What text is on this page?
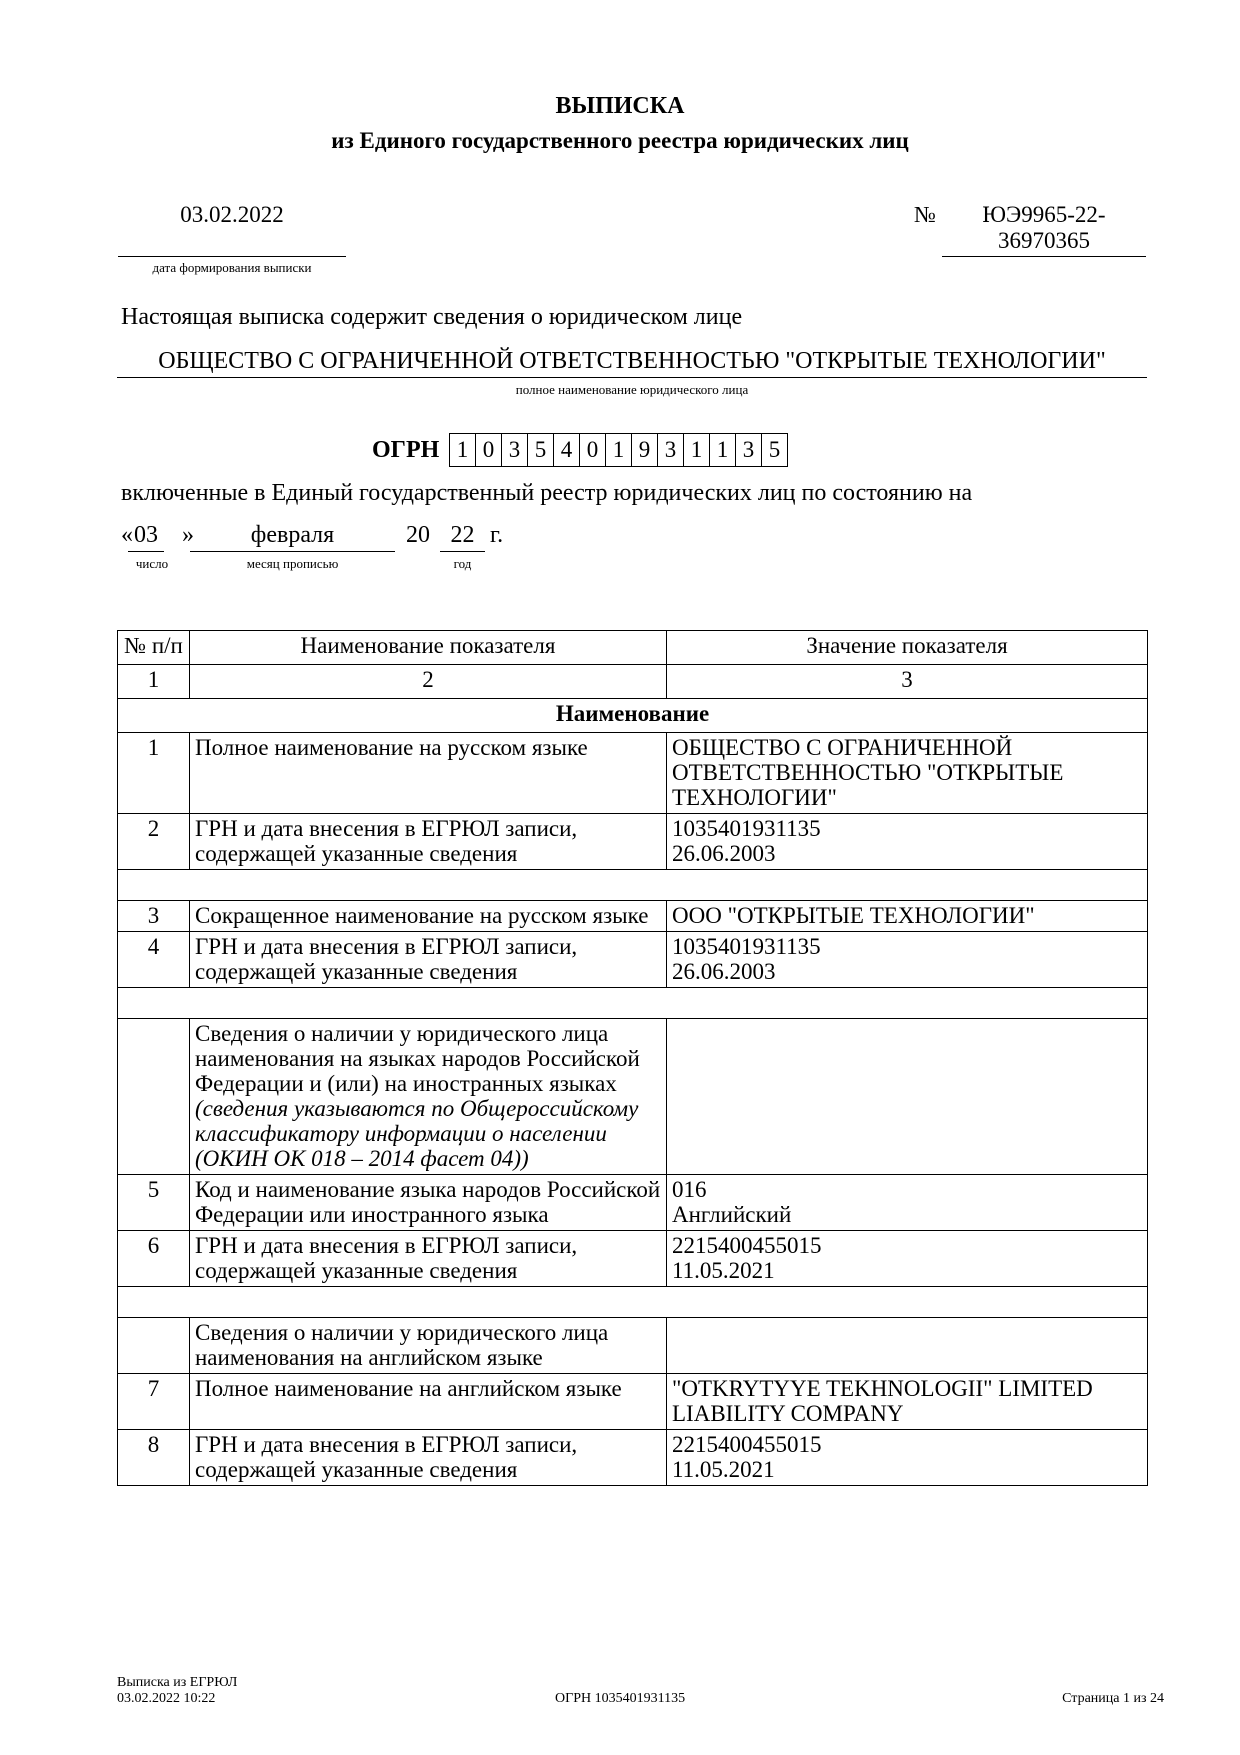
ВЫПИСКА
из Единого государственного реестра юридических лиц
03.02.2022
дата формирования выписки
№	ЮЭ9965-22-
36970365
Настоящая выписка содержит сведения о юридическом лице
ОБЩЕСТВО С ОГРАНИЧЕННОЙ ОТВЕТСТВЕННОСТЬЮ "ОТКРЫТЫЕ ТЕХНОЛОГИИ"
полное наименование юридического лица
ОГРН 1 0 3 5 4 0 1 9 3 1 1 3 5
включенные в Единый государственный реестр юридических лиц по состоянию на
« 03 »	февраля	20 22 г.
число	месяц прописью	год
№ п/п	Наименование показателя	Значение показателя
1	2	3
Наименование		
1	Полное наименование на русском языке	ОБЩЕСТВО С ОГРАНИЧЕННОЙ ОТВЕТСТВЕННОСТЬЮ "ОТКРЫТЫЕ ТЕХНОЛОГИИ"
2	ГРН и дата внесения в ЕГРЮЛ записи, содержащей указанные сведения	1035401931135
26.06.2003

3	Сокращенное наименование на русском языке	ООО "ОТКРЫТЫЕ ТЕХНОЛОГИИ"
4	ГРН и дата внесения в ЕГРЮЛ записи, содержащей указанные сведения	1035401931135
26.06.2003

	Сведения о наличии у юридического лица наименования на языках народов Российской Федерации и (или) на иностранных языках
(сведения указываются по Общероссийскому классификатору информации о населении (ОКИН ОК 018 – 2014 фасет 04))	

5	Код и наименование языка народов Российской Федерации или иностранного языка	016
Английский

6	ГРН и дата внесения в ЕГРЮЛ записи, содержащей указанные сведения	2215400455015
11.05.2021

	Сведения о наличии у юридического лица наименования на английском языке	
7	Полное наименование на английском языке	"OTKRYTYYE TEKHNOLOGII" LIMITED LIABILITY COMPANY
8	ГРН и дата внесения в ЕГРЮЛ записи, содержащей указанные сведения	2215400455015
11.05.2021
Выписка из ЕГРЮЛ
03.02.2022 10:22	ОГРН 1035401931135	Страница 1 из 24
